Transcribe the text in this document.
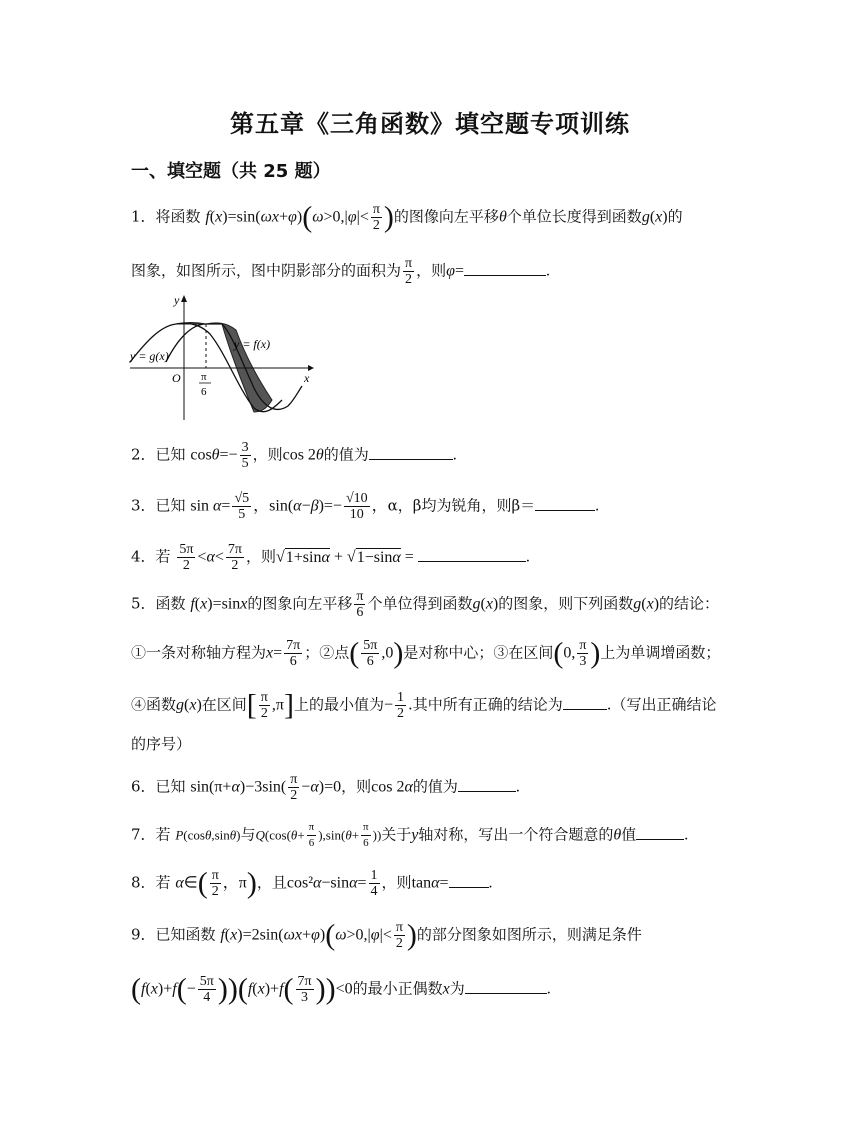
第五章《三角函数》填空题专项训练
一、填空题（共 25 题）
1．将函数 $f(x)=\sin(\omega x+\varphi)(\omega>0,|\varphi|< \frac{\pi}{2}$ )的图像向左平移θ个单位长度得到函数g(x)的
图象，如图所示，图中阴影部分的面积为 $\frac{\pi}{2}$ ，则φ=	.
y
x
O
y = g(x)
y = f(x)
π
6
2．已知 $\cos\theta=- \frac{3}{5}$ ，则cos 2θ的值为	.
3．已知 $\sin \alpha= \frac{√5}{5}$ ，$\sin(\alpha-\beta)=- \frac{√10}{10}$ ，α，β均为锐角，则β＝	.
4．若 $\frac{5\pi}{2} <\alpha< \frac{7\pi}{2}$ ，则√1+sinα + √1−sinα =	.
5．函数 f(x)=sinx的图象向左平移 $\frac{\pi}{6}$ 个单位得到函数g(x)的图象，则下列函数g(x)的结论：
①一条对称轴方程为$x= \frac{7\pi}{6}$ ；②点( $\frac{5\pi}{6} ,0$)是对称中心；③在区间(0, $\frac{\pi}{3}$ )上为单调增函数；
④函数g(x)在区间[ $\frac{\pi}{2} ,\pi$]上的最小值为− $\frac{1}{2}$ .其中所有正确的结论为	.（写出正确结论
的序号）
6．已知 $\sin(\pi+\alpha)-3\sin( \frac{\pi}{2} -\alpha)=0$，则cos 2α的值为	.
7．若 P(cosθ,sinθ)与$Q(\cos(\theta+ \frac{\pi}{6} ),\sin(\theta+ \frac{\pi}{6}$ ))关于y轴对称，写出一个符合题意的θ值	.
8．若 α∈( $\frac{\pi}{2}$ ，π)，且$\cos^2\alpha-\sin\alpha= \frac{1}{4}$ ，则tanα=	.
9．已知函数 $f(x)=2\sin(\omega x+\varphi)(\omega>0,|\varphi|< \frac{\pi}{2}$ )的部分图象如图所示，则满足条件
$(f(x)+f(- \frac{5\pi}{4} ))(f(x)+f( \frac{7\pi}{3} ))<0$的最小正偶数x为	.
